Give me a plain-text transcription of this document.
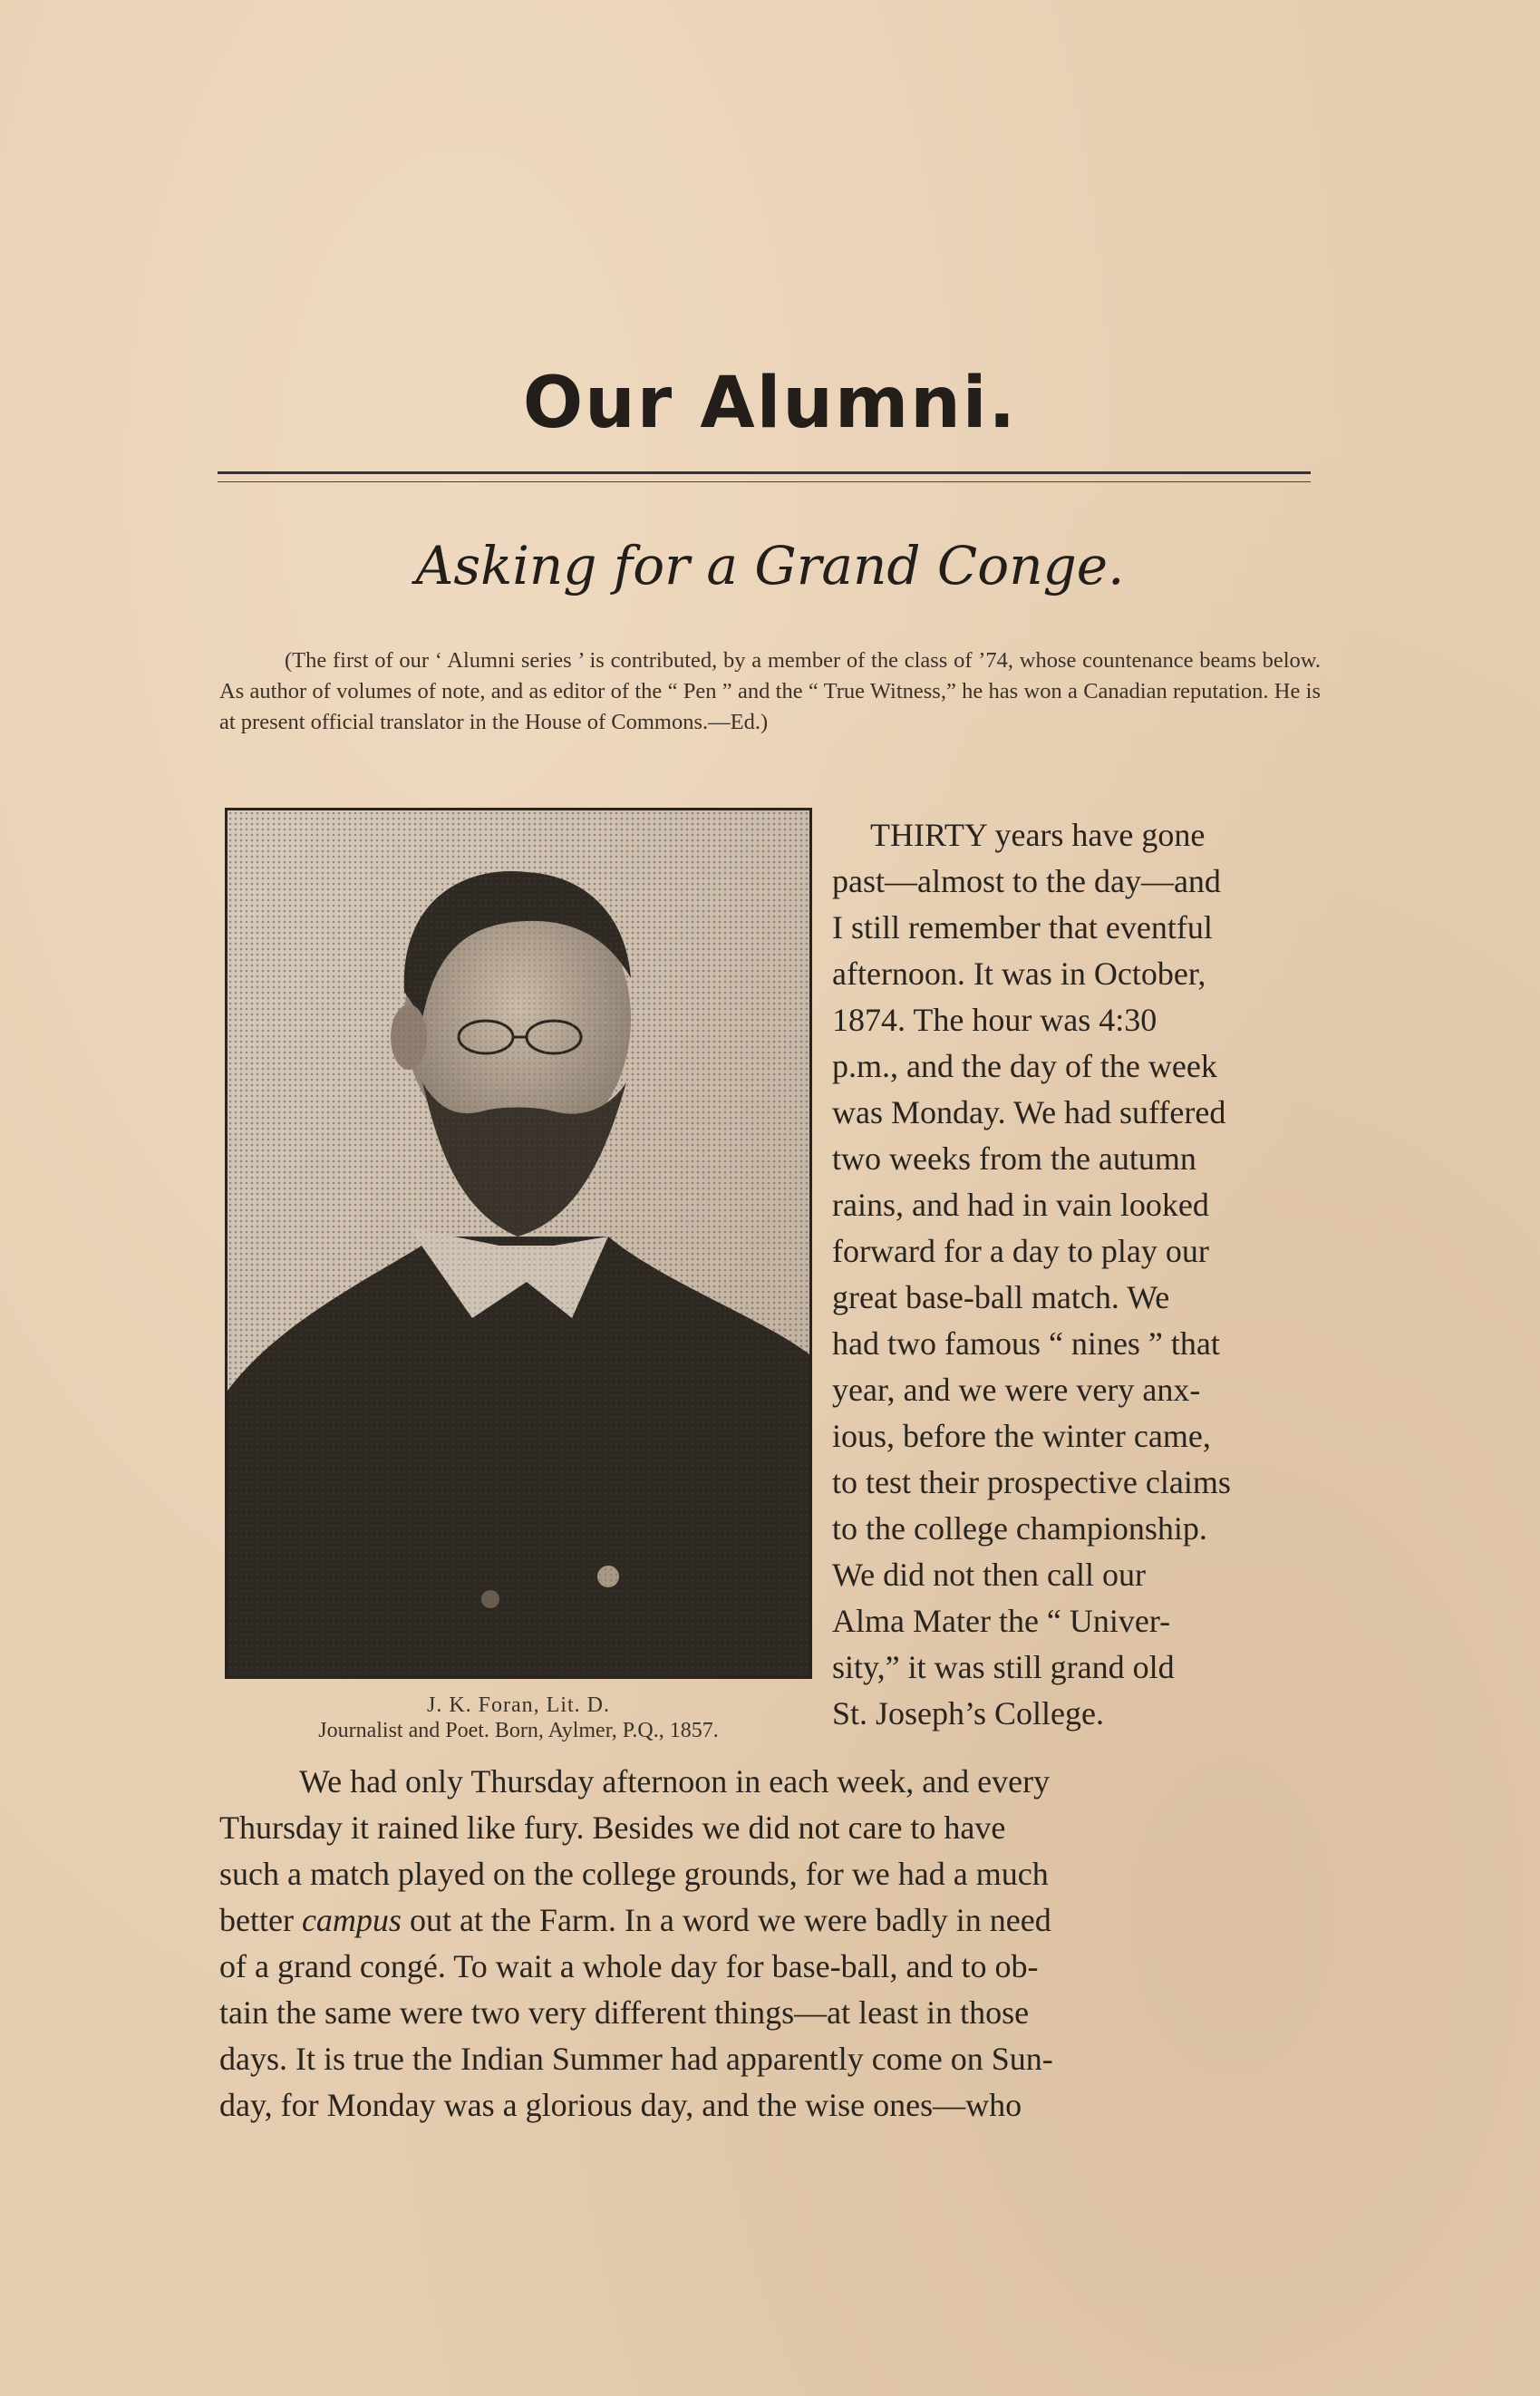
Our Alumni.
Asking for a Grand Conge.
(The first of our ‘ Alumni series ’ is contributed, by a member of the class of ’74, whose countenance beams below. As author of volumes of note, and as editor of the “ Pen ” and the “ True Witness,” he has won a Canadian reputation. He is at present official translator in the House of Commons.—Ed.)
J. K. Foran, Lit. D.
Journalist and Poet. Born, Aylmer, P.Q., 1857.
THIRTY years have gone
past—almost to the day—and
I still remember that eventful
afternoon. It was in October,
1874. The hour was 4:30
p.m., and the day of the week
was Monday. We had suffered
two weeks from the autumn
rains, and had in vain looked
forward for a day to play our
great base-ball match. We
had two famous “ nines ” that
year, and we were very anx-
ious, before the winter came,
to test their prospective claims
to the college championship.
We did not then call our
Alma Mater the “ Univer-
sity,” it was still grand old
St. Joseph’s College.
We had only Thursday afternoon in each week, and every
Thursday it rained like fury. Besides we did not care to have
such a match played on the college grounds, for we had a much
better campus out at the Farm. In a word we were badly in need
of a grand congé. To wait a whole day for base-ball, and to ob-
tain the same were two very different things—at least in those
days. It is true the Indian Summer had apparently come on Sun-
day, for Monday was a glorious day, and the wise ones—who
